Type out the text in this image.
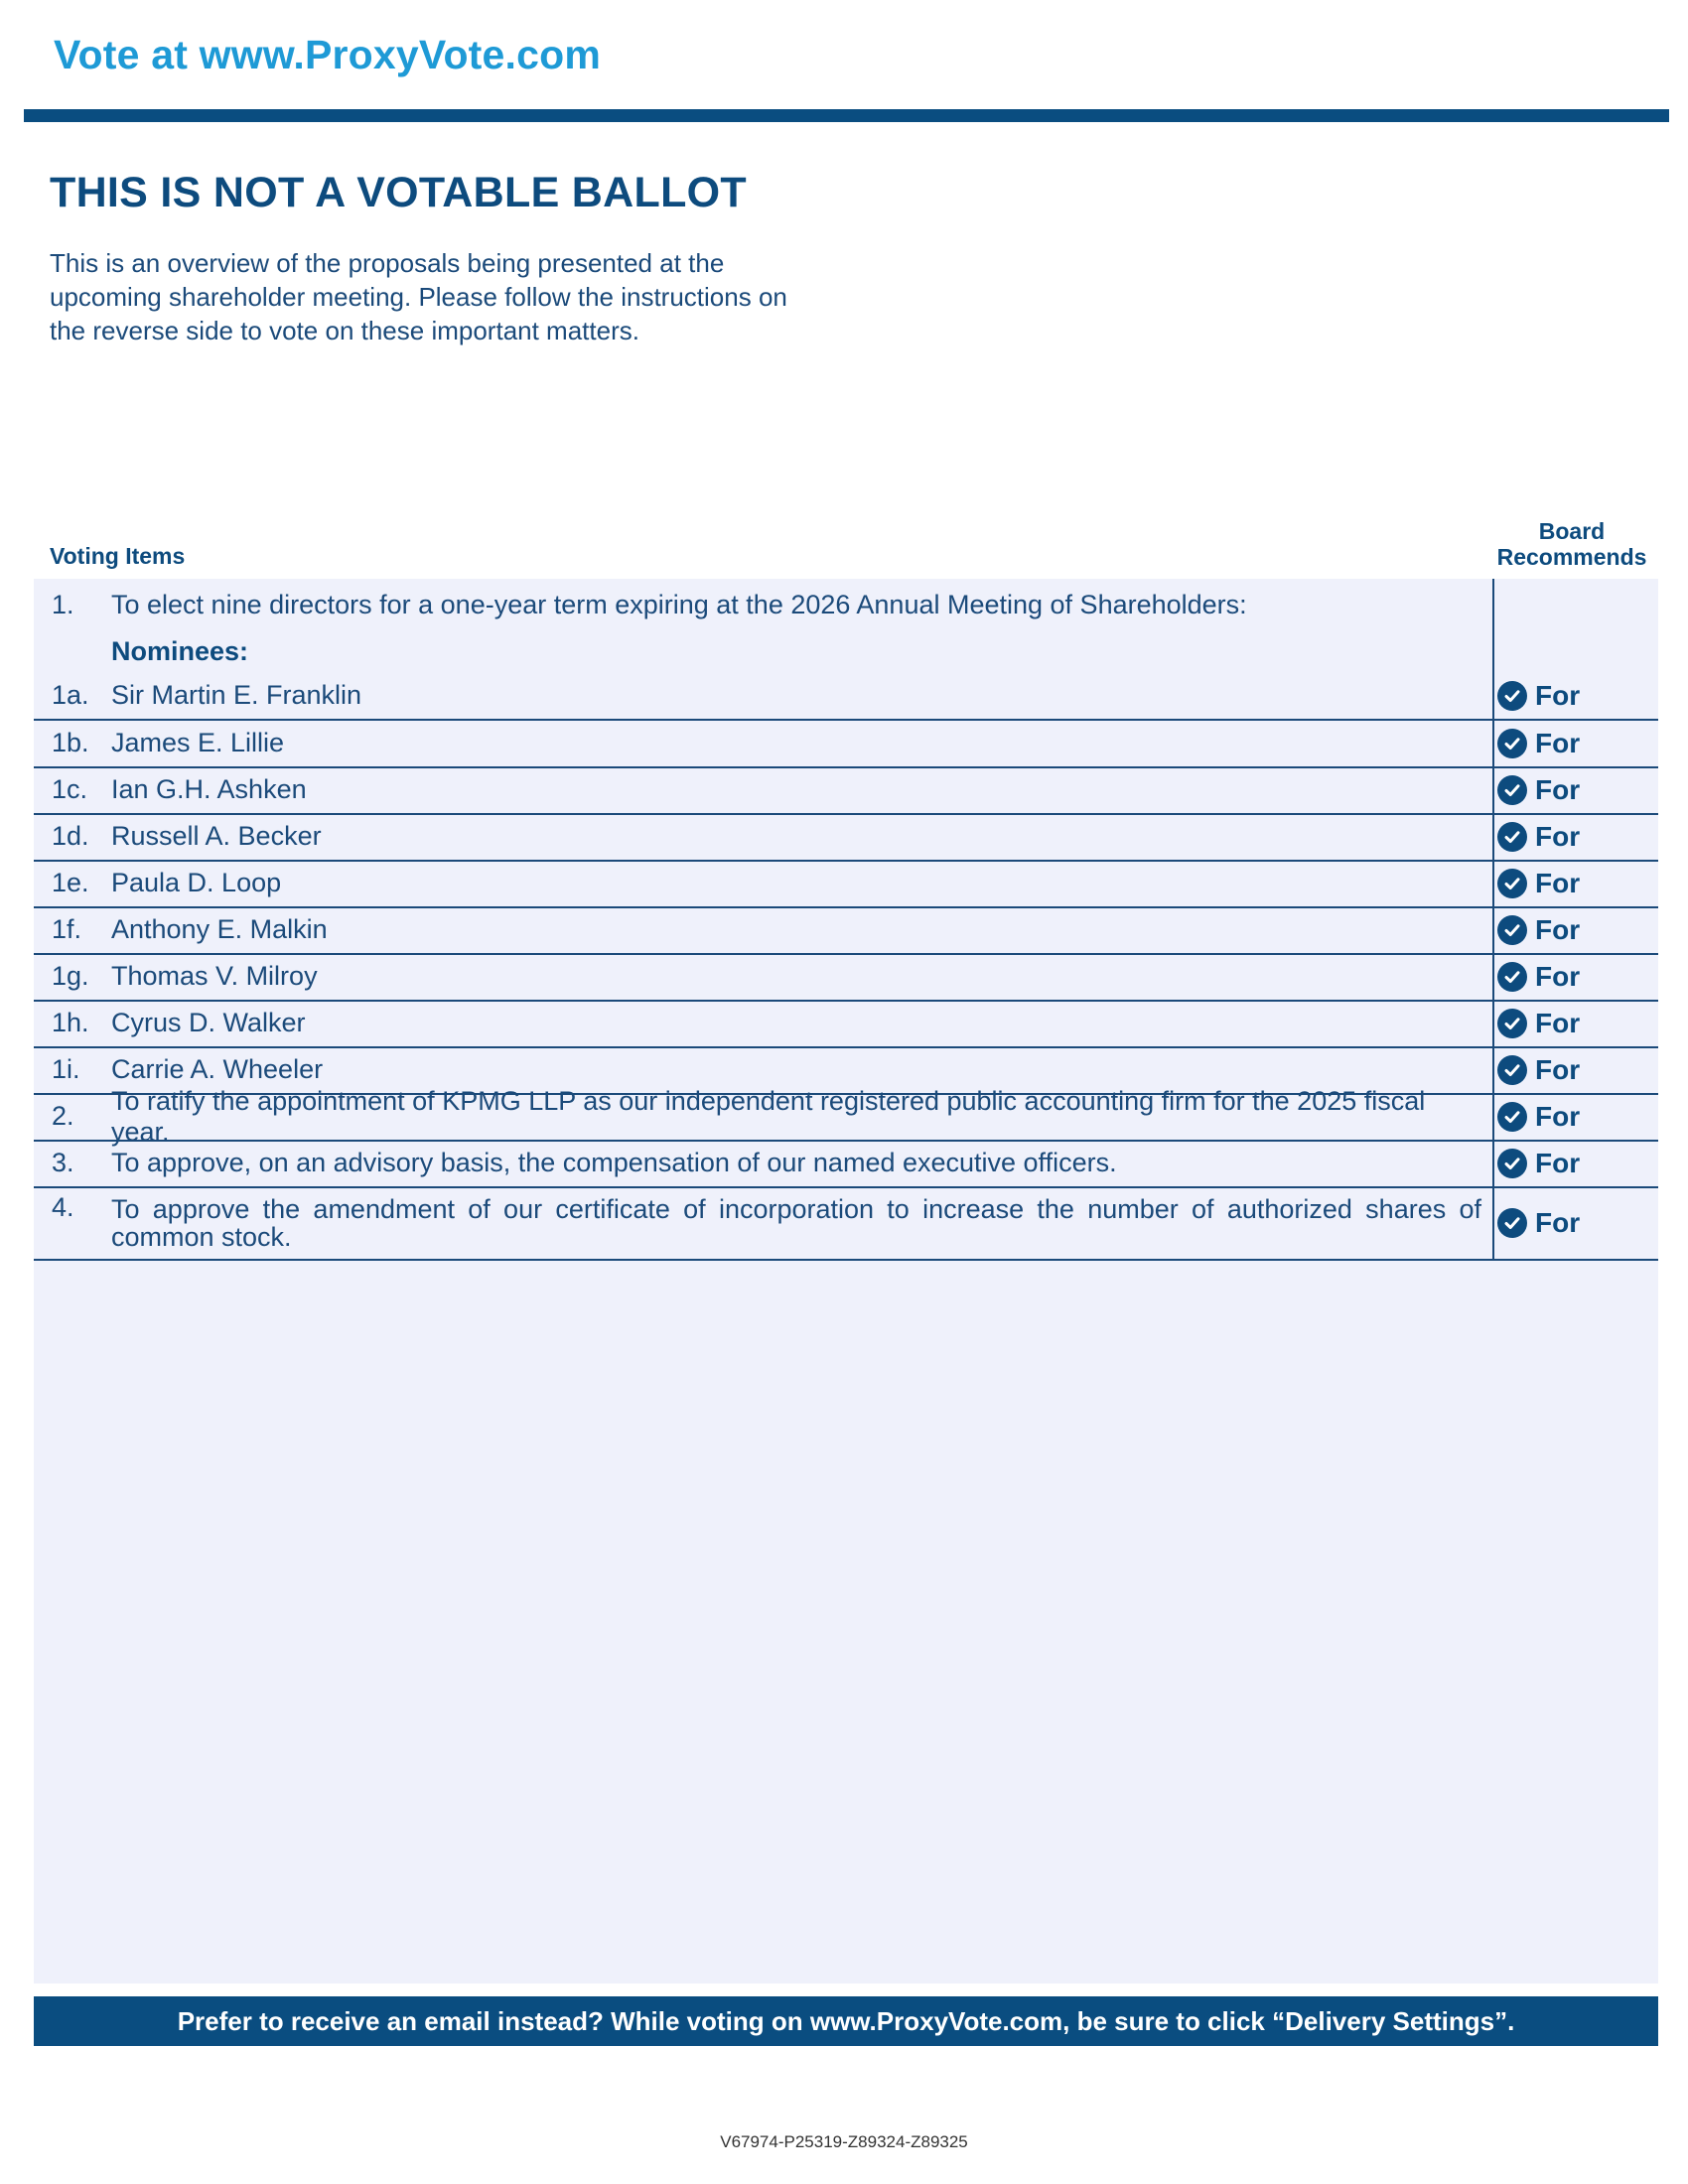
Vote at www.ProxyVote.com
THIS IS NOT A VOTABLE BALLOT
This is an overview of the proposals being presented at the
upcoming shareholder meeting. Please follow the instructions on
the reverse side to vote on these important matters.
Voting Items
Board
Recommends
1.	To elect nine directors for a one-year term expiring at the 2026 Annual Meeting of Shareholders:
Nominees:
1a. Sir Martin E. Franklin	For
1b. James E. Lillie	For
1c. Ian G.H. Ashken	For
1d. Russell A. Becker	For
1e. Paula D. Loop	For
1f.	Anthony E. Malkin	For
1g. Thomas V. Milroy	For
1h. Cyrus D. Walker	For
1i.	Carrie A. Wheeler	For
2.
To ratify the appointment of KPMG LLP as our independent registered public accounting firm for the 2025 fiscal year.	For
3.	To approve, on an advisory basis, the compensation of our named executive officers.	For
4.	To approve the amendment of our certificate of incorporation to increase the number of authorized shares of common stock.	For
Prefer to receive an email instead? While voting on www.ProxyVote.com, be sure to click “Delivery Settings”.
V67974-P25319-Z89324-Z89325
